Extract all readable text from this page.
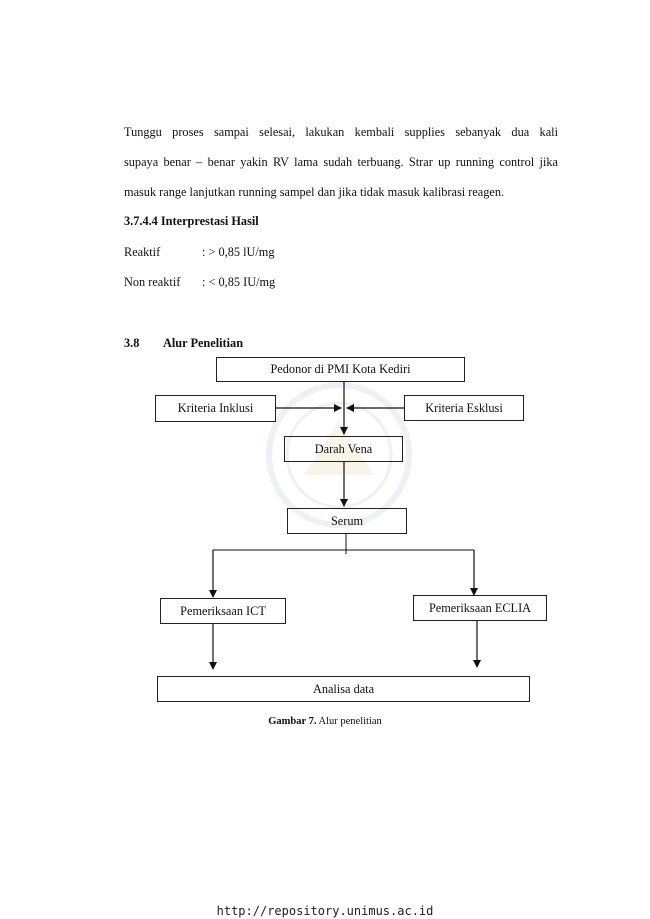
Tunggu proses sampai selesai, lakukan kembali supplies sebanyak dua kali
supaya benar – benar yakin RV lama sudah terbuang. Strar up running control jika
masuk range lanjutkan running sampel dan jika tidak masuk kalibrasi reagen.
3.7.4.4 Interprestasi Hasil
Reaktif	: > 0,85 lU/mg
Non reaktif : < 0,85 IU/mg
3.8 Alur Penelitian
Pedonor di PMI Kota Kediri
Kriteria Inklusi	Kriteria Esklusi
Darah Vena
Serum
Pemeriksaan ICT	Pemeriksaan ECLIA
Analisa data
Gambar 7. Alur penelitian
http://repository.unimus.ac.id
